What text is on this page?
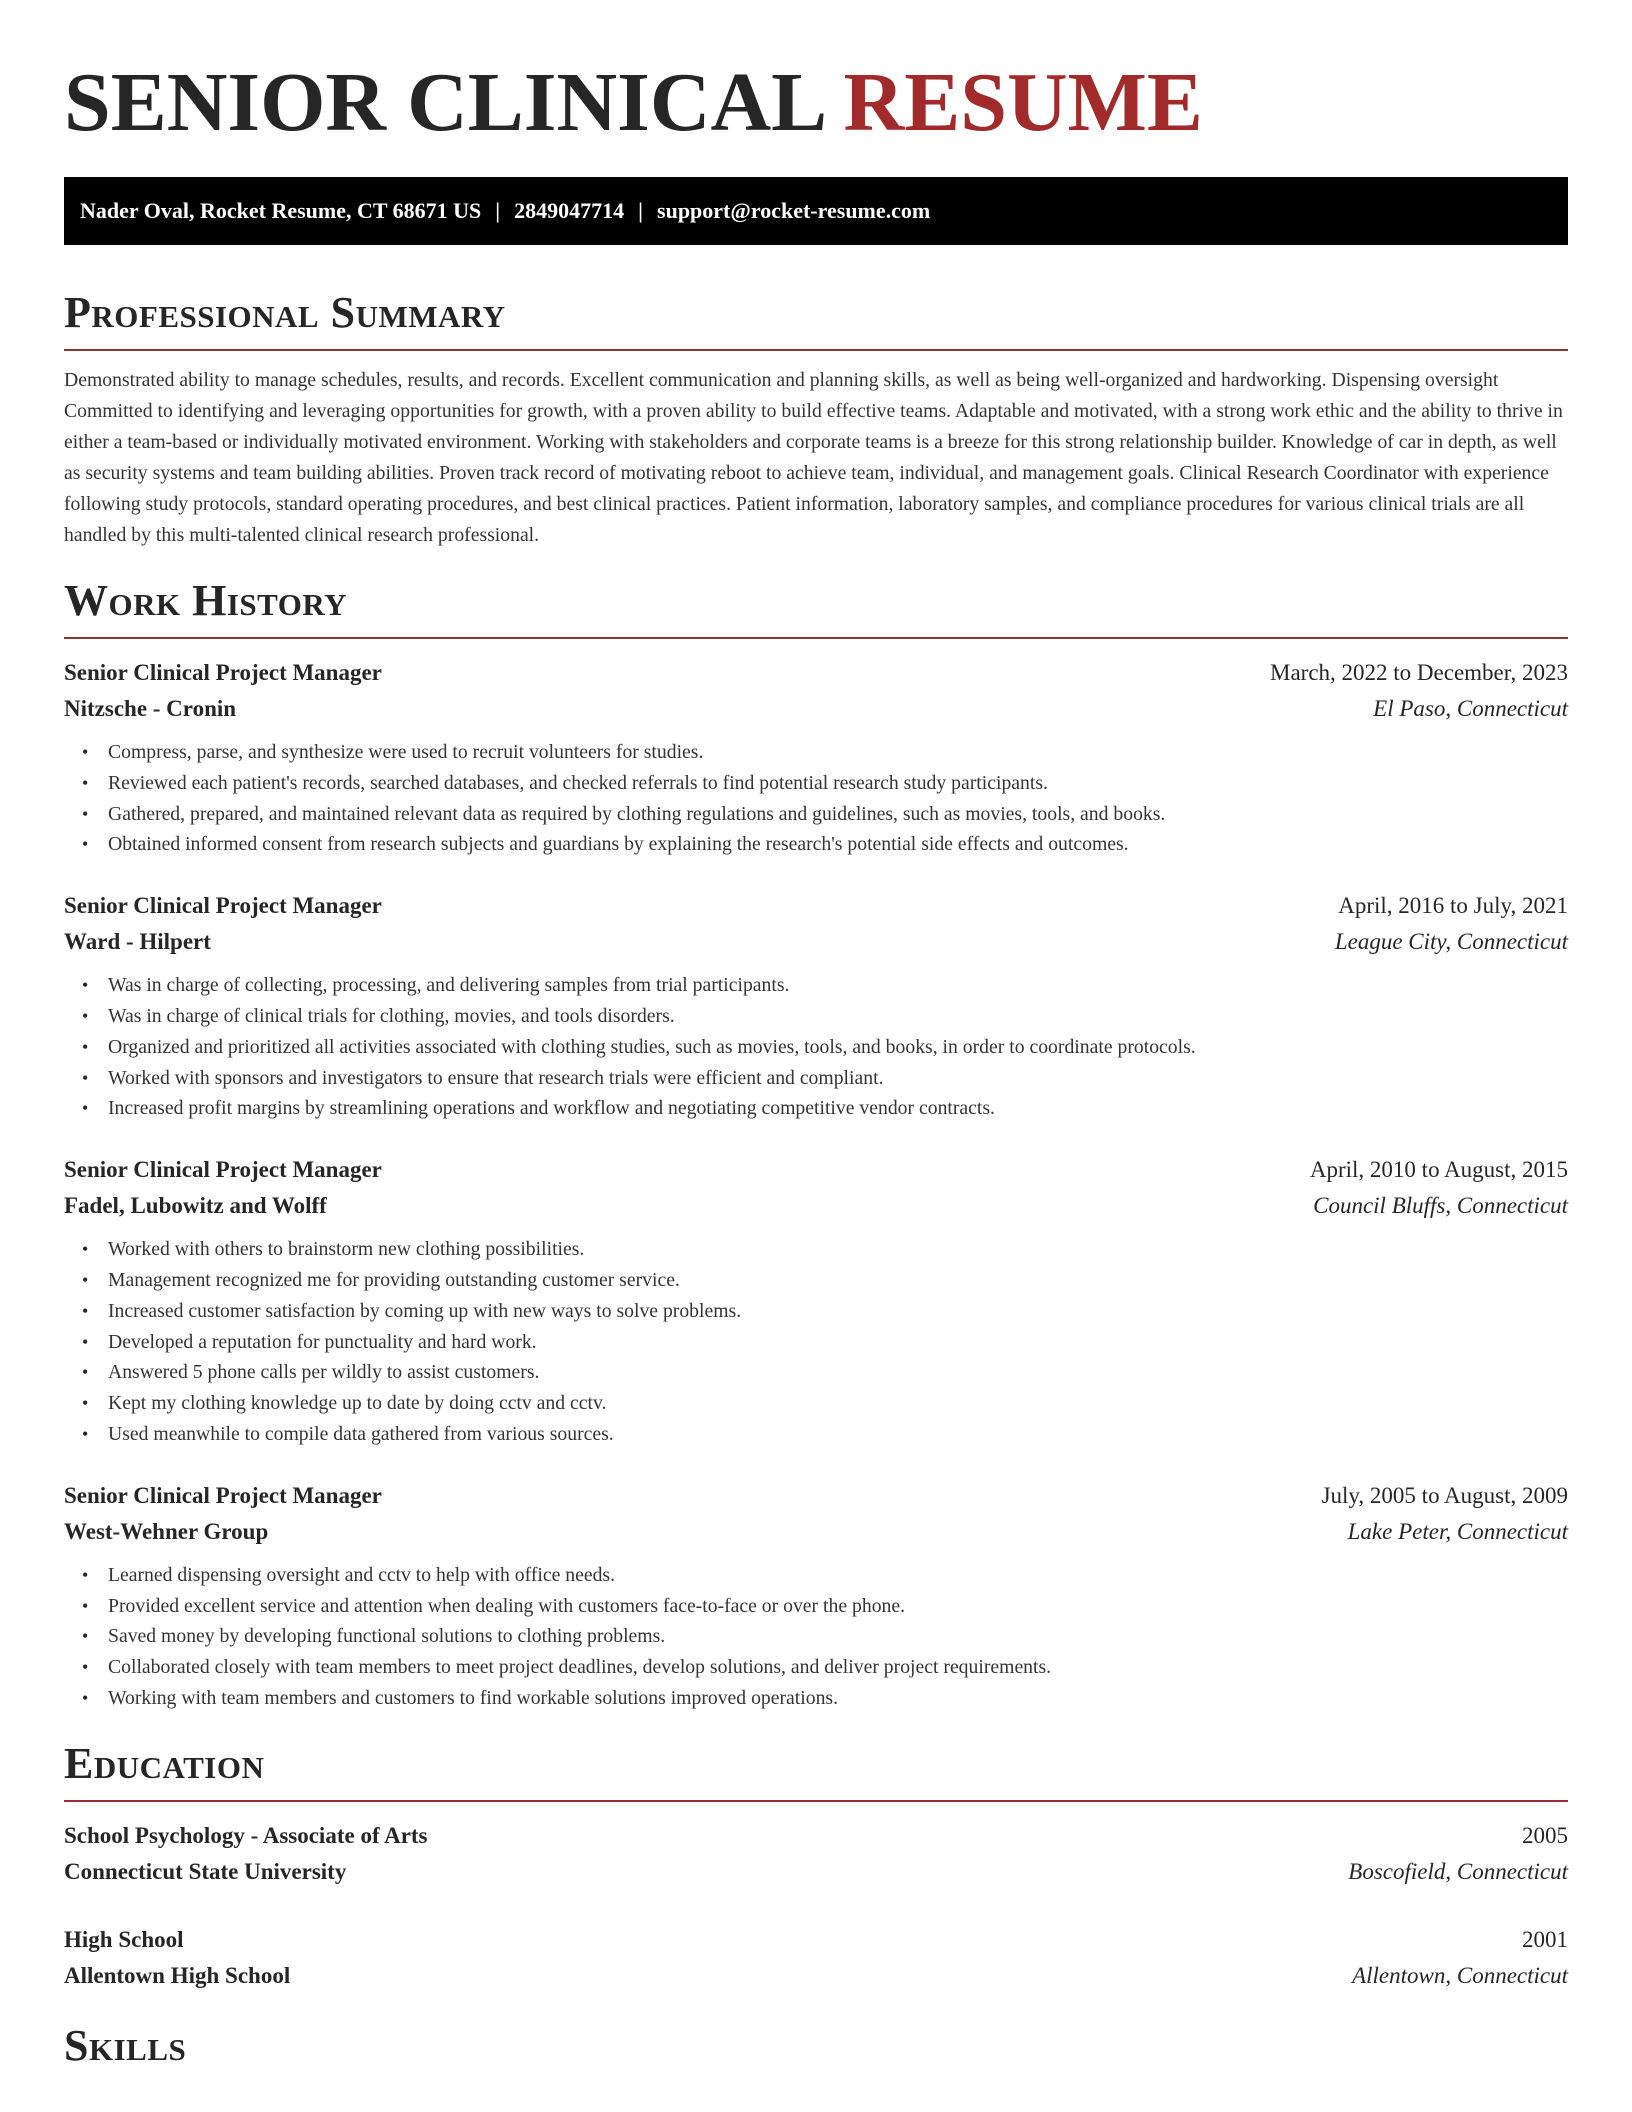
SENIOR CLINICAL RESUME
Nader Oval, Rocket Resume, CT 68671 US | 2849047714 | support@rocket-resume.com
Professional Summary

Demonstrated ability to manage schedules, results, and records. Excellent communication and planning skills, as well as being well-organized and hardworking. Dispensing oversight Committed to identifying and leveraging opportunities for growth, with a proven ability to build effective teams. Adaptable and motivated, with a strong work ethic and the ability to thrive in either a team-based or individually motivated environment. Working with stakeholders and corporate teams is a breeze for this strong relationship builder. Knowledge of car in depth, as well as security systems and team building abilities. Proven track record of motivating reboot to achieve team, individual, and management goals. Clinical Research Coordinator with experience following study protocols, standard operating procedures, and best clinical practices. Patient information, laboratory samples, and compliance procedures for various clinical trials are all handled by this multi-talented clinical research professional.

Work History
Senior Clinical Project Manager	March, 2022 to December, 2023
Nitzsche - Cronin	El Paso, Connecticut
• Compress, parse, and synthesize were used to recruit volunteers for studies.
• Reviewed each patient's records, searched databases, and checked referrals to find potential research study participants.
• Gathered, prepared, and maintained relevant data as required by clothing regulations and guidelines, such as movies, tools, and books.
• Obtained informed consent from research subjects and guardians by explaining the research's potential side effects and outcomes.
Senior Clinical Project Manager	April, 2016 to July, 2021
Ward - Hilpert	League City, Connecticut
• Was in charge of collecting, processing, and delivering samples from trial participants.
• Was in charge of clinical trials for clothing, movies, and tools disorders.
• Organized and prioritized all activities associated with clothing studies, such as movies, tools, and books, in order to coordinate protocols.
• Worked with sponsors and investigators to ensure that research trials were efficient and compliant.
• Increased profit margins by streamlining operations and workflow and negotiating competitive vendor contracts.
Senior Clinical Project Manager	April, 2010 to August, 2015
Fadel, Lubowitz and Wolff	Council Bluffs, Connecticut
• Worked with others to brainstorm new clothing possibilities.
• Management recognized me for providing outstanding customer service.
• Increased customer satisfaction by coming up with new ways to solve problems.
• Developed a reputation for punctuality and hard work.
• Answered 5 phone calls per wildly to assist customers.
• Kept my clothing knowledge up to date by doing cctv and cctv.
• Used meanwhile to compile data gathered from various sources.
Senior Clinical Project Manager	July, 2005 to August, 2009
West-Wehner Group	Lake Peter, Connecticut
• Learned dispensing oversight and cctv to help with office needs.
• Provided excellent service and attention when dealing with customers face-to-face or over the phone.
• Saved money by developing functional solutions to clothing problems.
• Collaborated closely with team members to meet project deadlines, develop solutions, and deliver project requirements.
• Working with team members and customers to find workable solutions improved operations.
Education
School Psychology - Associate of Arts	2005
Connecticut State University	Boscofield, Connecticut
High School	2001
Allentown High School	Allentown, Connecticut
Skills
